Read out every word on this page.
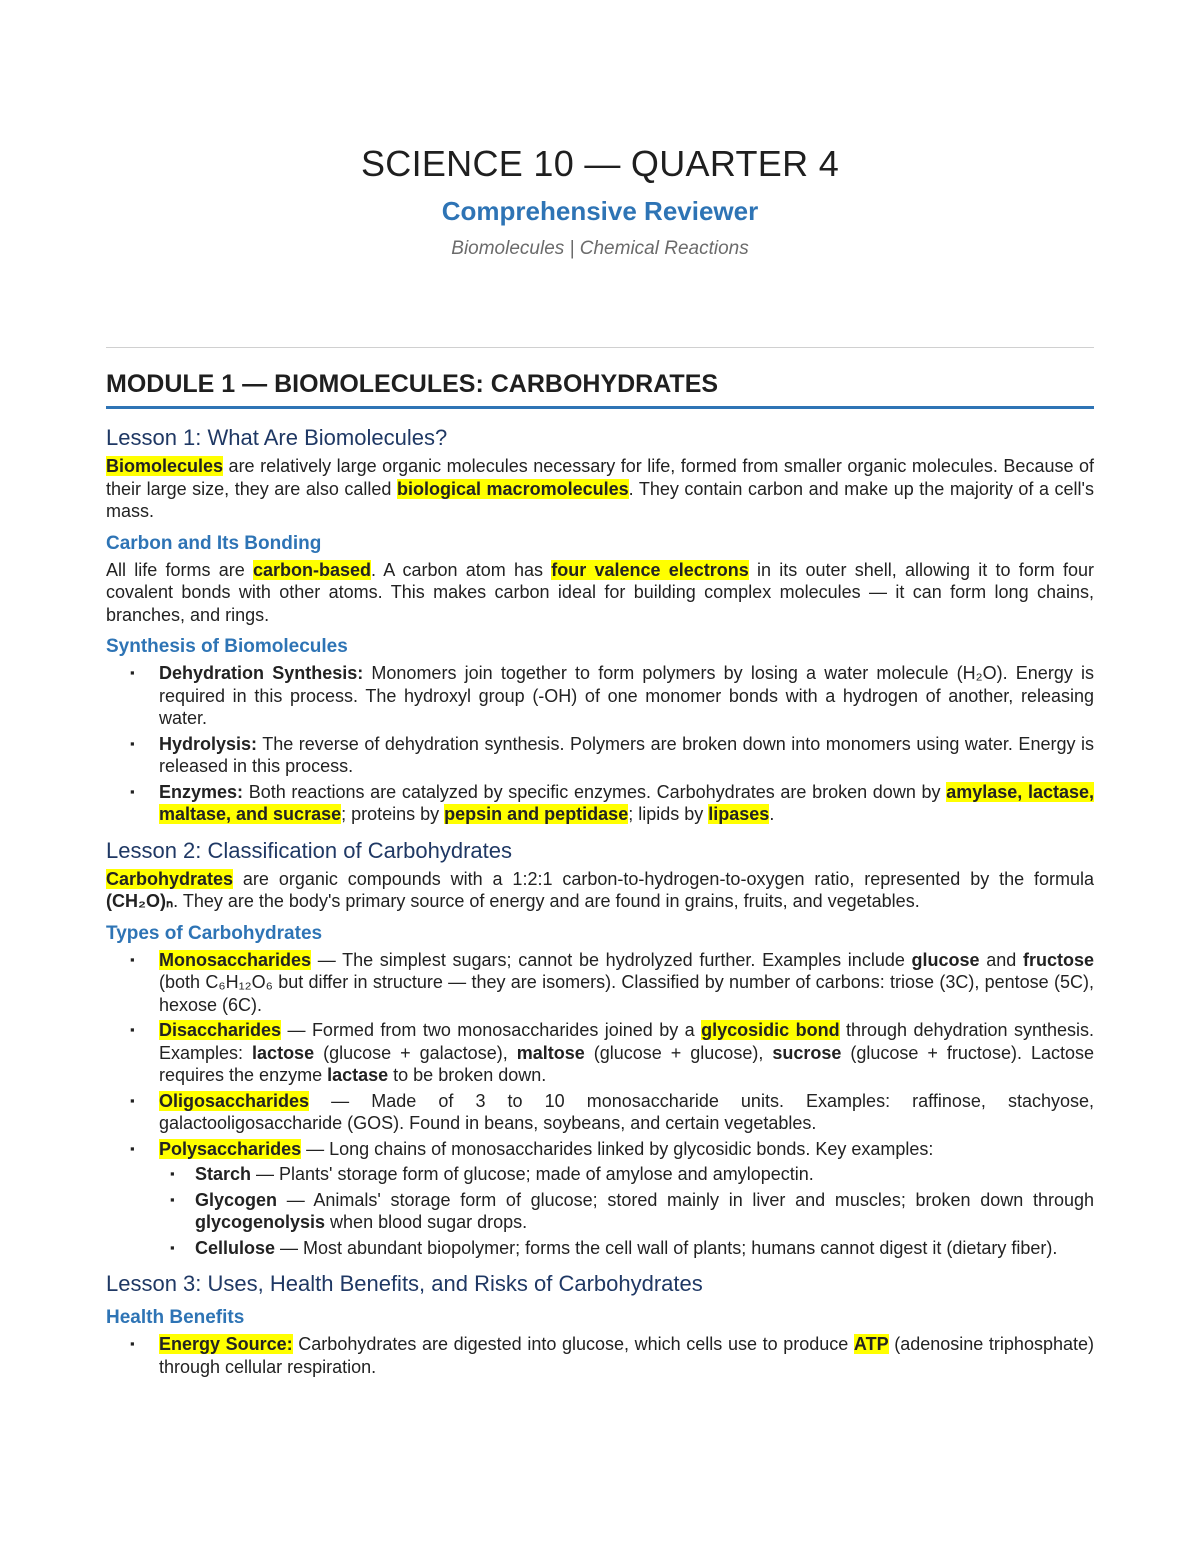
SCIENCE 10 — QUARTER 4
Comprehensive Reviewer

Biomolecules | Chemical Reactions

MODULE 1 — BIOMOLECULES: CARBOHYDRATES
Lesson 1: What Are Biomolecules?

Biomolecules are relatively large organic molecules necessary for life, formed from smaller organic molecules. Because of their large size, they are also called biological macromolecules. They contain carbon and make up the majority of a cell's mass.

Carbon and Its Bonding

All life forms are carbon-based. A carbon atom has four valence electrons in its outer shell, allowing it to form four covalent bonds with other atoms. This makes carbon ideal for building complex molecules — it can form long chains, branches, and rings.

Synthesis of Biomolecules
▪ Dehydration Synthesis: Monomers join together to form polymers by losing a water molecule (H₂O). Energy is required in this process. The hydroxyl group (-OH) of one monomer bonds with a hydrogen of another, releasing water.
▪ Hydrolysis: The reverse of dehydration synthesis. Polymers are broken down into monomers using water. Energy is released in this process.
▪ Enzymes: Both reactions are catalyzed by specific enzymes. Carbohydrates are broken down by amylase, lactase, maltase, and sucrase; proteins by pepsin and peptidase; lipids by lipases.
Lesson 2: Classification of Carbohydrates

Carbohydrates are organic compounds with a 1:2:1 carbon-to-hydrogen-to-oxygen ratio, represented by the formula (CH₂O)ₙ. They are the body's primary source of energy and are found in grains, fruits, and vegetables.

Types of Carbohydrates
▪ Monosaccharides — The simplest sugars; cannot be hydrolyzed further. Examples include glucose and fructose (both C₆H₁₂O₆ but differ in structure — they are isomers). Classified by number of carbons: triose (3C), pentose (5C), hexose (6C).
▪ Disaccharides — Formed from two monosaccharides joined by a glycosidic bond through dehydration synthesis. Examples: lactose (glucose + galactose), maltose (glucose + glucose), sucrose (glucose + fructose). Lactose requires the enzyme lactase to be broken down.
▪ Oligosaccharides — Made of 3 to 10 monosaccharide units. Examples: raffinose, stachyose, galactooligosaccharide (GOS). Found in beans, soybeans, and certain vegetables.
▪ Polysaccharides — Long chains of monosaccharides linked by glycosidic bonds. Key examples:
▪ Starch — Plants' storage form of glucose; made of amylose and amylopectin.
▪ Glycogen — Animals' storage form of glucose; stored mainly in liver and muscles; broken down through glycogenolysis when blood sugar drops.
▪ Cellulose — Most abundant biopolymer; forms the cell wall of plants; humans cannot digest it (dietary fiber).
Lesson 3: Uses, Health Benefits, and Risks of Carbohydrates
Health Benefits
▪ Energy Source: Carbohydrates are digested into glucose, which cells use to produce ATP (adenosine triphosphate) through cellular respiration.
